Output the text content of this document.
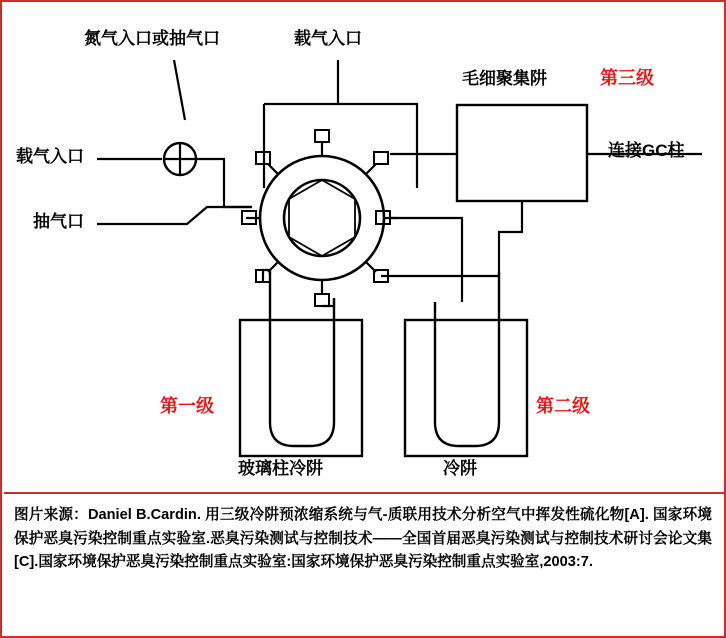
氮气入口或抽气口	载气入口
载气入口
抽气口
毛细聚集阱	第三级
连接GC柱
第一级	第二级
玻璃柱冷阱	冷阱
图片来源：Daniel B.Cardin. 用三级冷阱预浓缩系统与气-质联用技术分析空气中挥发性硫化物[A]. 国家环境保护恶臭污染控制重点实验室.恶臭污染测试与控制技术——全国首届恶臭污染测试与控制技术研讨会论文集[C].国家环境保护恶臭污染控制重点实验室:国家环境保护恶臭污染控制重点实验室,2003:7.
